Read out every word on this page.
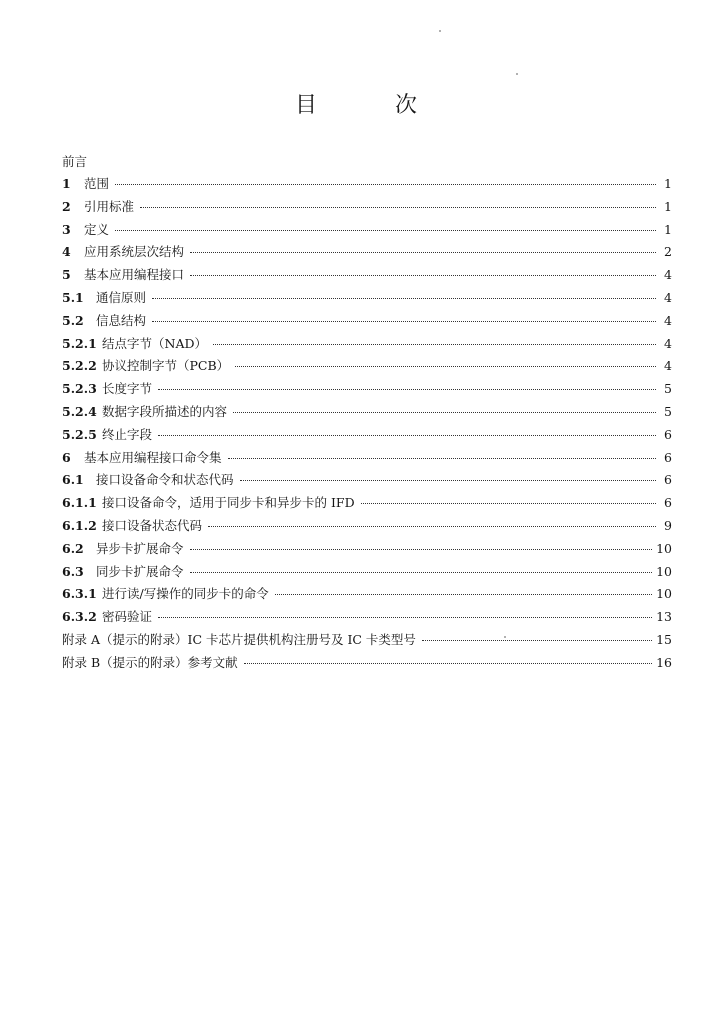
目	次
前言
1	范围	1
2	引用标准	1
3	定义	1
4	应用系统层次结构	2
5	基本应用编程接口	4
5.1 通信原则	4
5.2 信息结构	4
5.2.1 结点字节（NAD）	4
5.2.2 协议控制字节（PCB）	4
5.2.3 长度字节	5
5.2.4 数据字段所描述的内容	5
5.2.5 终止字段	6
6	基本应用编程接口命令集	6
6.1 接口设备命令和状态代码	6
6.1.1 接口设备命令，适用于同步卡和异步卡的 IFD	6
6.1.2 接口设备状态代码	9
6.2 异步卡扩展命令	10
6.3 同步卡扩展命令	10
6.3.1 进行读/写操作的同步卡的命令	10
6.3.2 密码验证	13
附录 A（提示的附录）IC 卡芯片提供机构注册号及 IC 卡类型号	15
附录 B（提示的附录）参考文献	16
